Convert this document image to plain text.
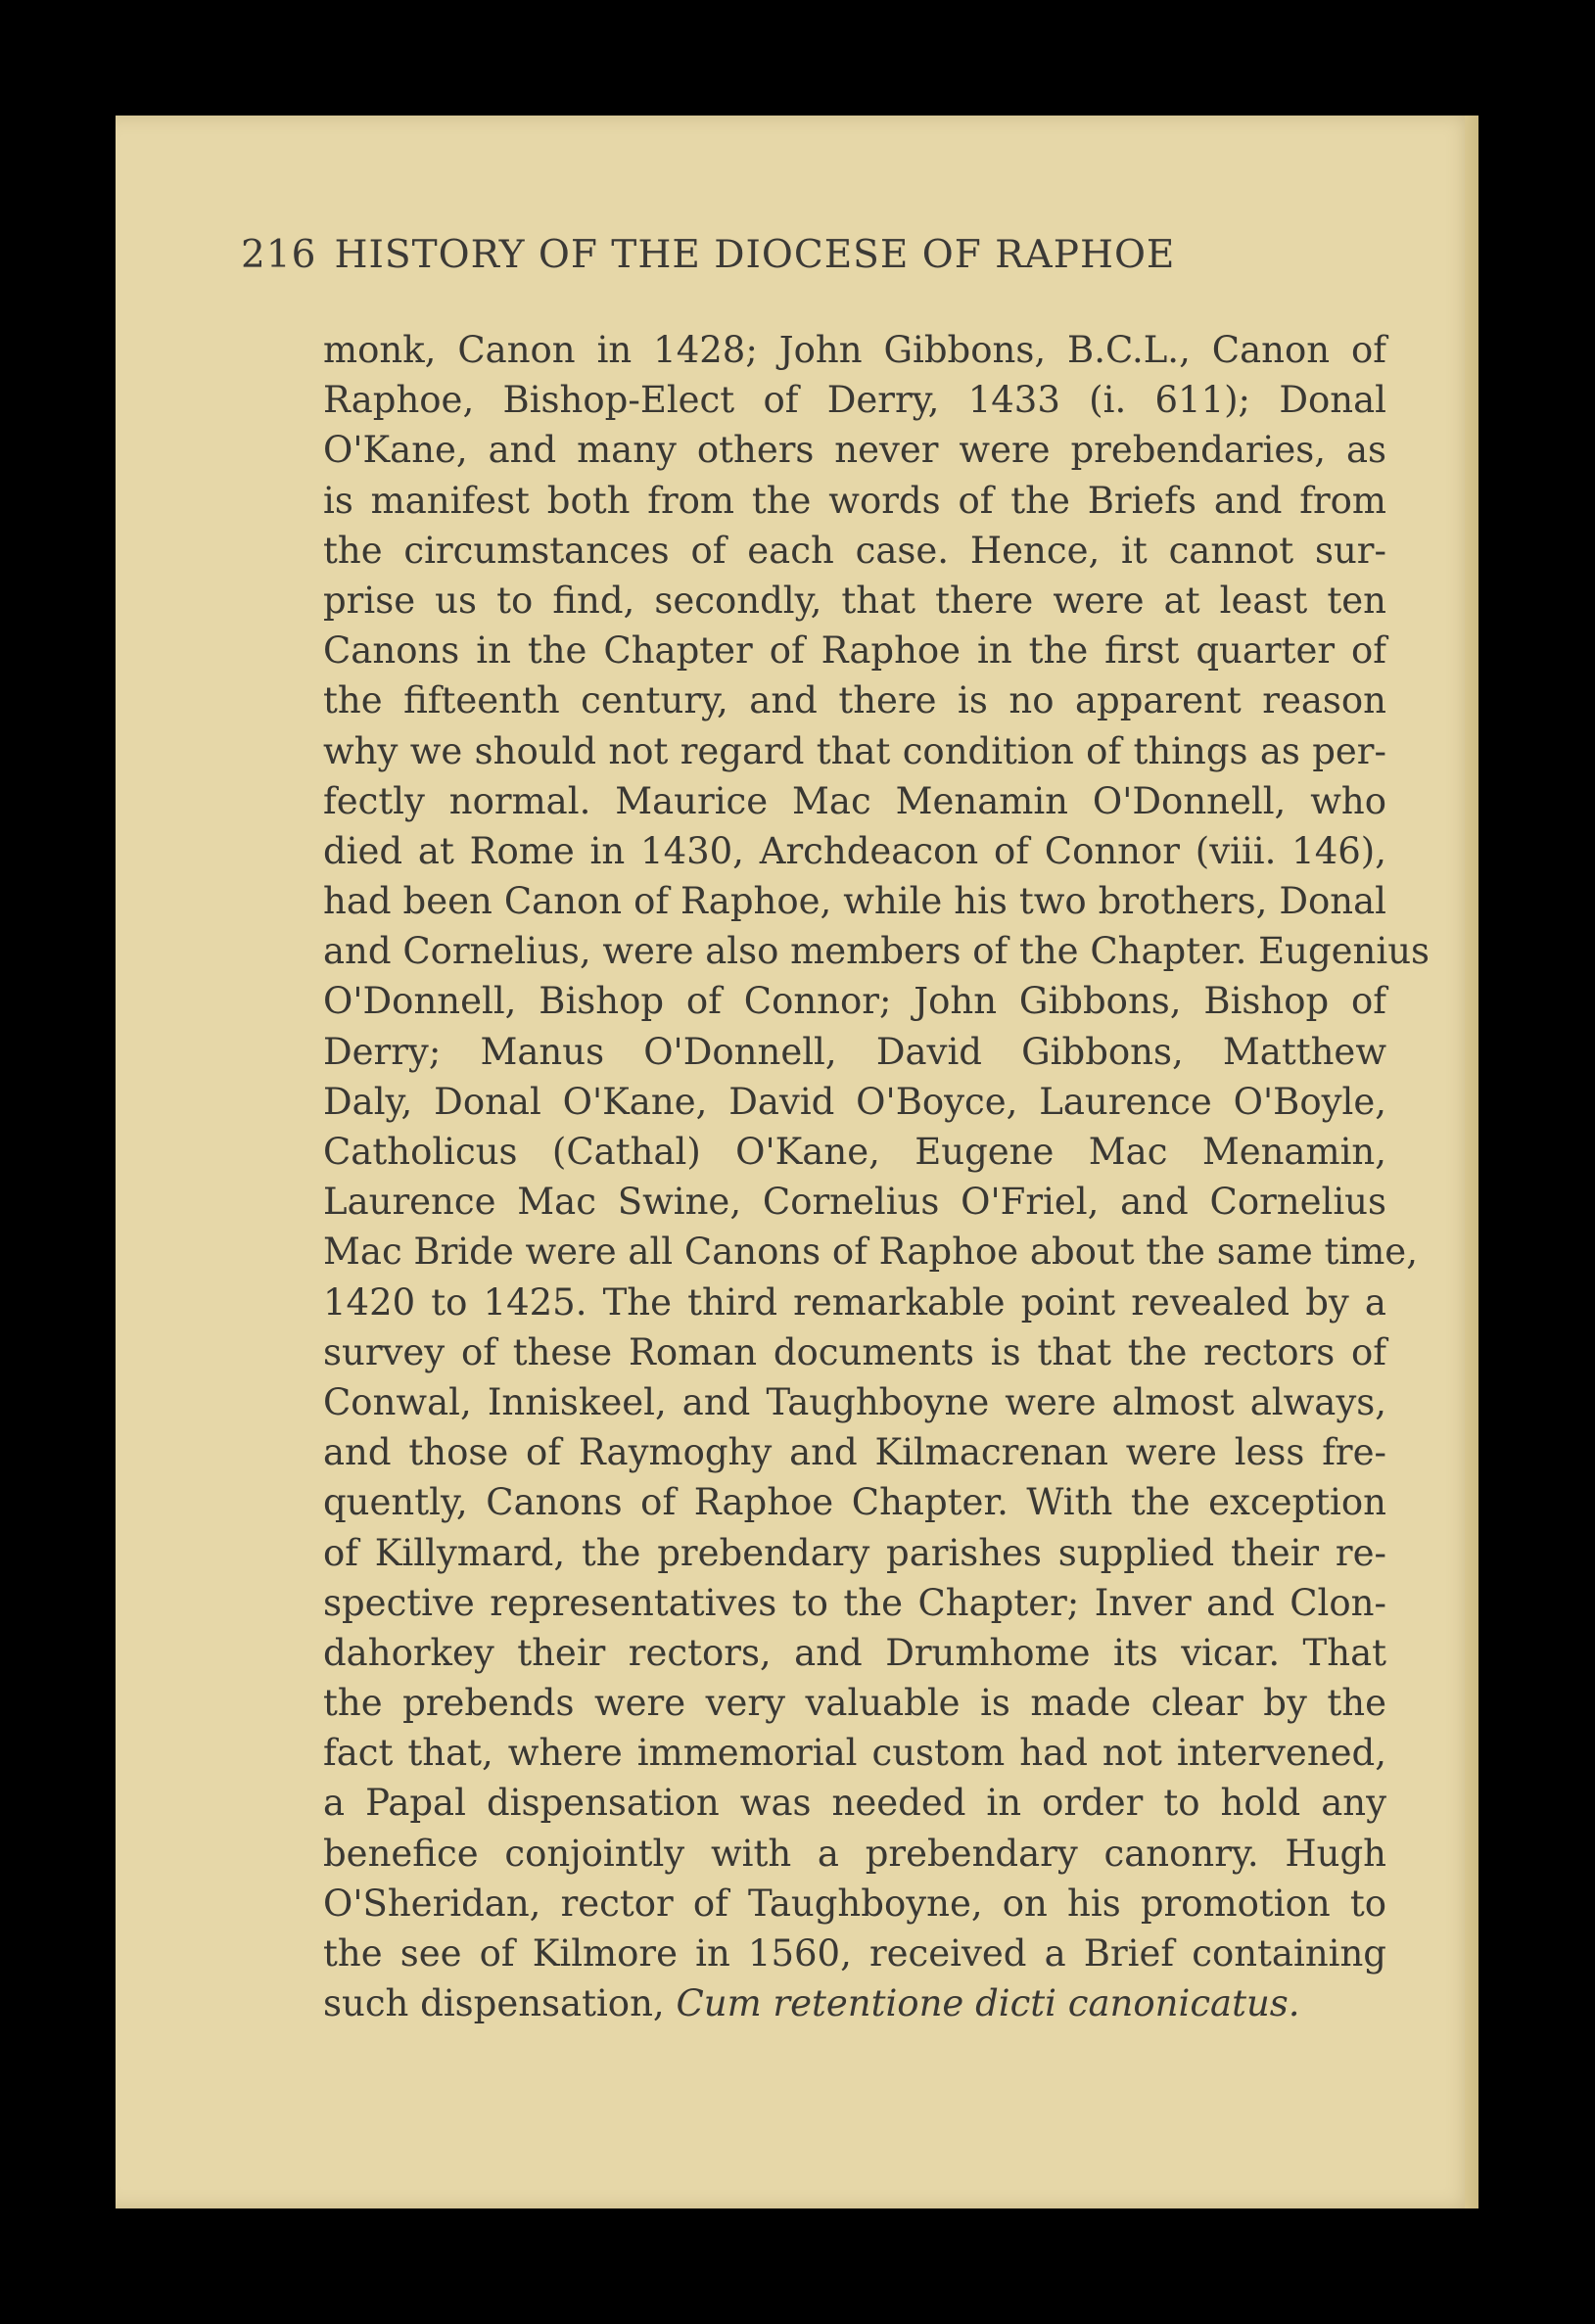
216 HISTORY OF THE DIOCESE OF RAPHOE
monk, Canon in 1428; John Gibbons, B.C.L., Canon of
Raphoe, Bishop-Elect of Derry, 1433 (i. 611); Donal
O'Kane, and many others never were prebendaries, as
is manifest both from the words of the Briefs and from
the circumstances of each case. Hence, it cannot sur-
prise us to find, secondly, that there were at least ten
Canons in the Chapter of Raphoe in the first quarter of
the fifteenth century, and there is no apparent reason
why we should not regard that condition of things as per-
fectly normal. Maurice Mac Menamin O'Donnell, who
died at Rome in 1430, Archdeacon of Connor (viii. 146),
had been Canon of Raphoe, while his two brothers, Donal
and Cornelius, were also members of the Chapter. Eugenius
O'Donnell, Bishop of Connor; John Gibbons, Bishop of
Derry; Manus O'Donnell, David Gibbons, Matthew
Daly, Donal O'Kane, David O'Boyce, Laurence O'Boyle,
Catholicus (Cathal) O'Kane, Eugene Mac Menamin,
Laurence Mac Swine, Cornelius O'Friel, and Cornelius
Mac Bride were all Canons of Raphoe about the same time,
1420 to 1425. The third remarkable point revealed by a
survey of these Roman documents is that the rectors of
Conwal, Inniskeel, and Taughboyne were almost always,
and those of Raymoghy and Kilmacrenan were less fre-
quently, Canons of Raphoe Chapter. With the exception
of Killymard, the prebendary parishes supplied their re-
spective representatives to the Chapter; Inver and Clon-
dahorkey their rectors, and Drumhome its vicar. That
the prebends were very valuable is made clear by the
fact that, where immemorial custom had not intervened,
a Papal dispensation was needed in order to hold any
benefice conjointly with a prebendary canonry. Hugh
O'Sheridan, rector of Taughboyne, on his promotion to
the see of Kilmore in 1560, received a Brief containing
such dispensation, Cum retentione dicti canonicatus.
